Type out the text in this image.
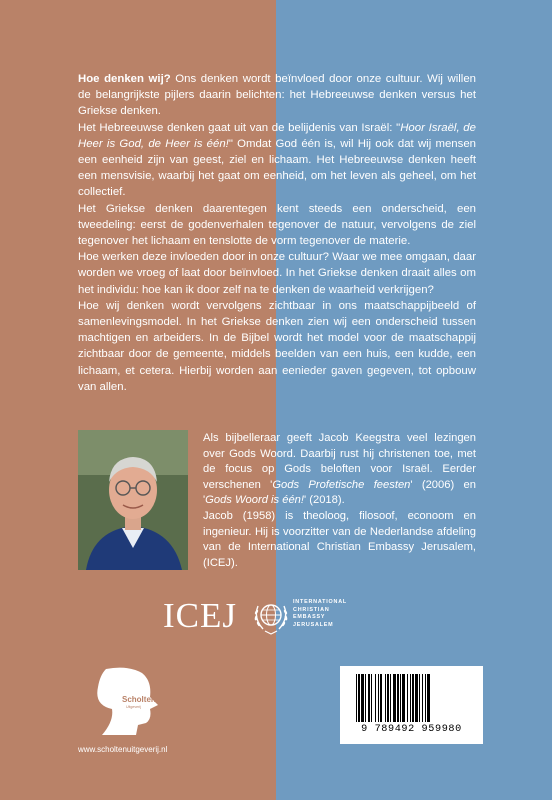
Hoe denken wij? Ons denken wordt beïnvloed door onze cultuur. Wij willen de belangrijkste pijlers daarin belichten: het Hebreeuwse denken versus het Griekse denken.

Het Hebreeuwse denken gaat uit van de belijdenis van Israël: "Hoor Israël, de Heer is God, de Heer is één!" Omdat God één is, wil Hij ook dat wij mensen een eenheid zijn van geest, ziel en lichaam. Het Hebreeuwse denken heeft een mensvisie, waarbij het gaat om eenheid, om het leven als geheel, om het collectief.

Het Griekse denken daarentegen kent steeds een onderscheid, een tweedeling: eerst de godenverhalen tegenover de natuur, vervolgens de ziel tegenover het lichaam en tenslotte de vorm tegenover de materie.

Hoe werken deze invloeden door in onze cultuur? Waar we mee omgaan, daar worden we vroeg of laat door beïnvloed. In het Griekse denken draait alles om het individu: hoe kan ik door zelf na te denken de waarheid verkrijgen?

Hoe wij denken wordt vervolgens zichtbaar in ons maatschappijbeeld of samenlevingsmodel. In het Griekse denken zien wij een onderscheid tussen machtigen en arbeiders. In de Bijbel wordt het model voor de maatschappij zichtbaar door de gemeente, middels beelden van een huis, een kudde, een lichaam, et cetera. Hierbij worden aan eenieder gaven gegeven, tot opbouw van allen.

Als bijbelleraar geeft Jacob Keegstra veel lezingen over Gods Woord. Daarbij rust hij christenen toe, met de focus op Gods beloften voor Israël. Eerder verschenen 'Gods Profetische feesten' (2006) en 'Gods Woord is één!' (2018).

Jacob (1958) is theoloog, filosoof, econoom en ingenieur. Hij is voorzitter van de Nederlandse afdeling van de International Christian Embassy Jerusalem, (ICEJ).

ICEJ	INTERNATIONAL
CHRISTIAN
EMBASSY
JERUSALEM
Scholten
Uitgeverij
www.scholtenuitgeverij.nl
9 789492 959980
